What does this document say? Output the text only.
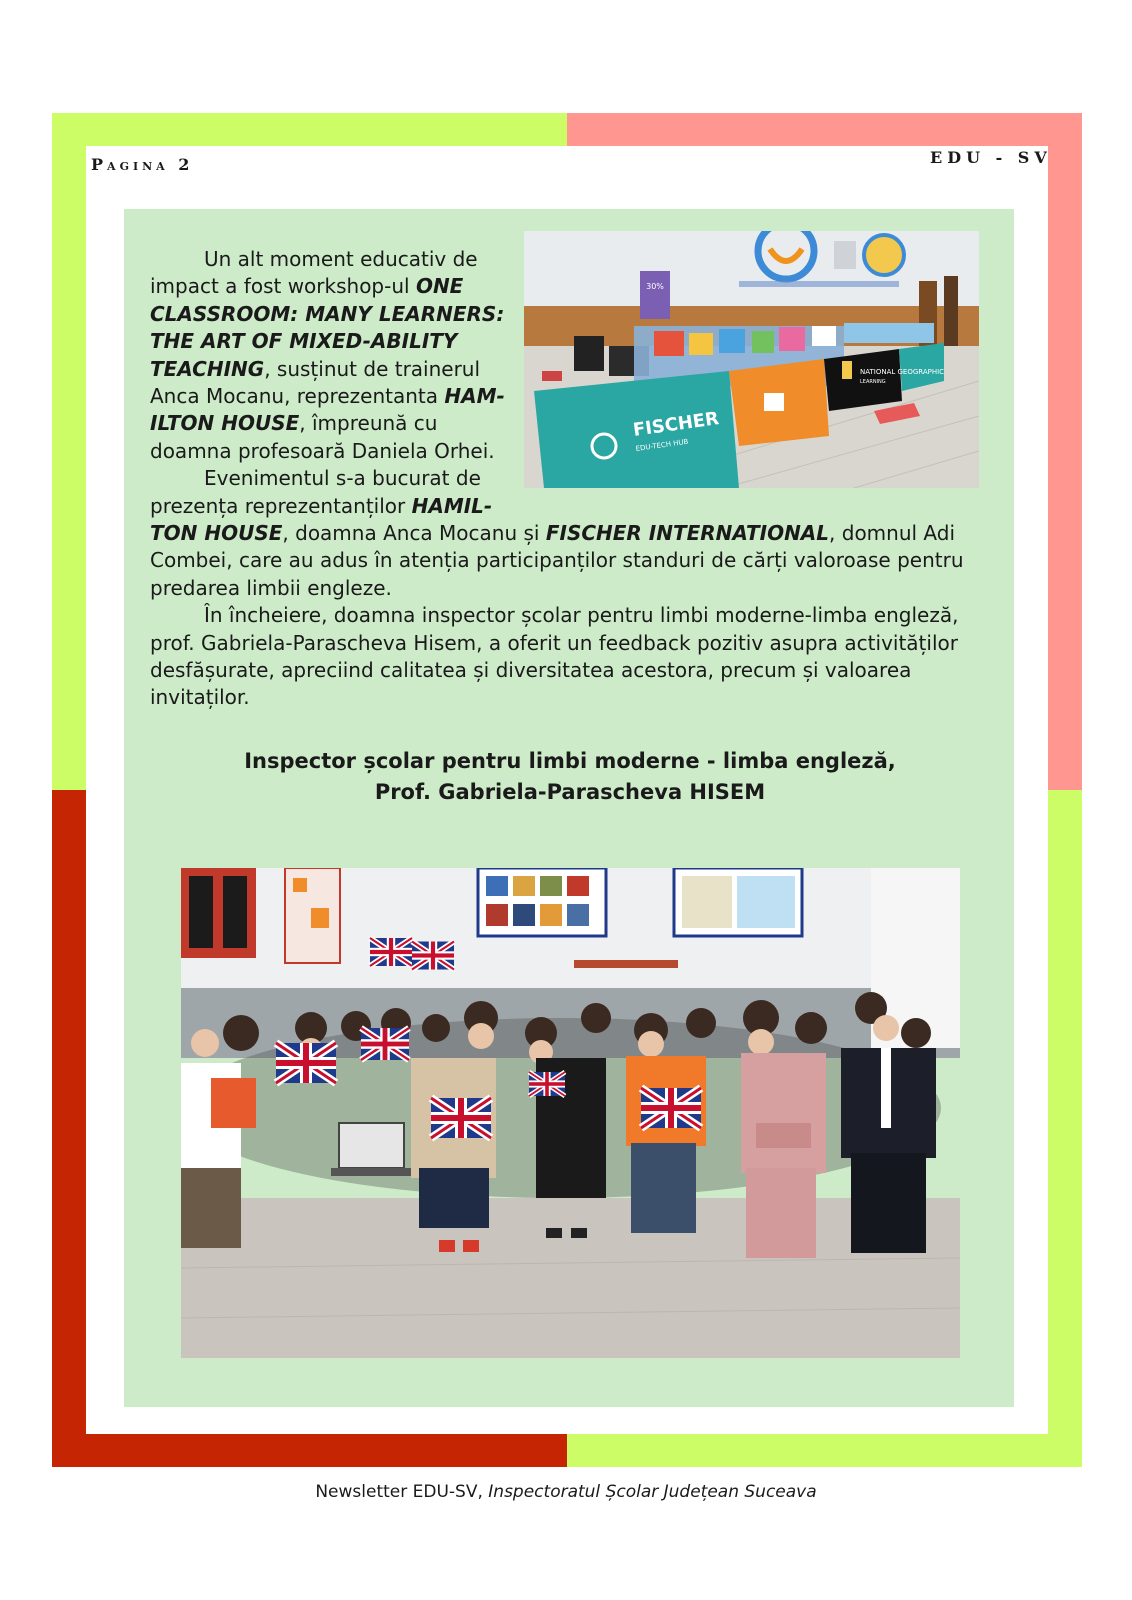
Pagina 2	EDU - SV
Un alt moment educativ de impact a fost workshop-ul ONE CLASSROOM: MANY LEARNERS: THE ART OF MIXED-ABILITY TEACHING, susținut de trainerul Anca Mocanu, reprezentanta HAM-ILTON HOUSE, împreună cu doamna profesoară Daniela Orhei.
Evenimentul s-a bucurat de prezența reprezentanților HAMIL-
TON HOUSE, doamna Anca Mocanu și FISCHER INTERNATIONAL, domnul Adi Combei, care au adus în atenția participanților standuri de cărți valoroase pentru predarea limbii engleze.
În încheiere, doamna inspector școlar pentru limbi moderne-limba engleză, prof. Gabriela-Parascheva Hisem, a oferit un feedback pozitiv asupra activităților desfășurate, apreciind calitatea și diversitatea acestora, precum și valoarea invitaților.
30%
NATIONAL GEOGRAPHIC
LEARNING
FISCHER
EDU-TECH HUB
Inspector școlar pentru limbi moderne - limba engleză,
Prof. Gabriela-Parascheva HISEM
Newsletter EDU-SV, Inspectoratul Școlar Județean Suceava
